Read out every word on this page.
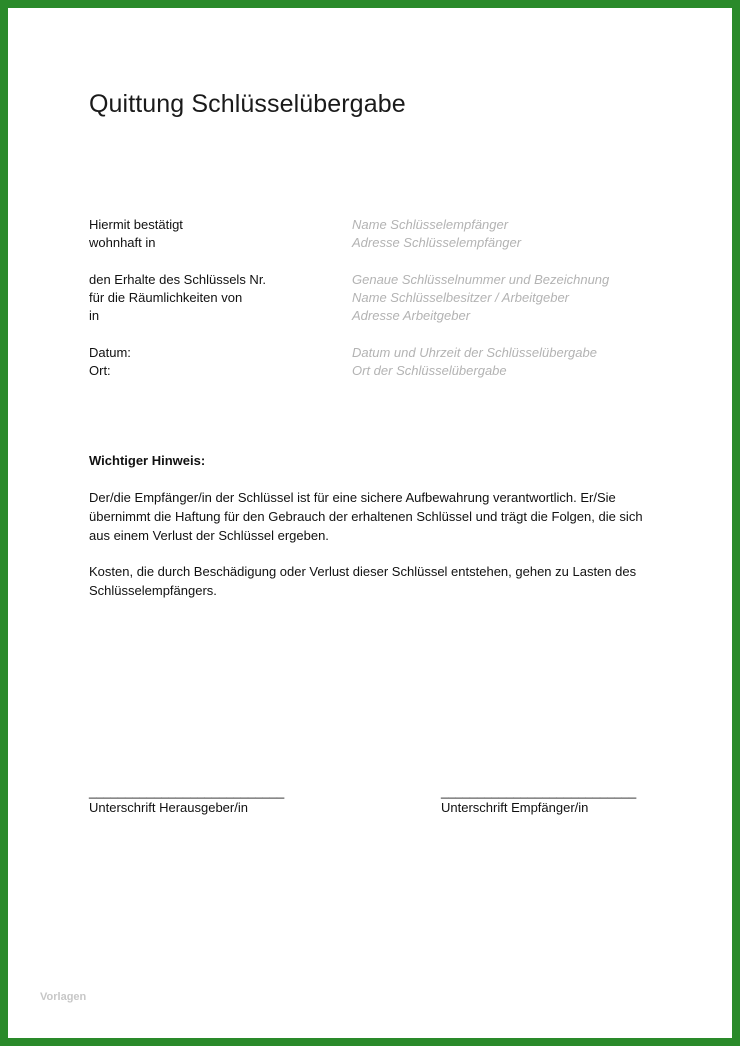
Quittung Schlüsselübergabe
Hiermit bestätigt	Name Schlüsselempfänger
wohnhaft in	Adresse Schlüsselempfänger
den Erhalte des Schlüssels Nr.	Genaue Schlüsselnummer und Bezeichnung
für die Räumlichkeiten von	Name Schlüsselbesitzer / Arbeitgeber
in	Adresse Arbeitgeber
Datum:	Datum und Uhrzeit der Schlüsselübergabe
Ort:	Ort der Schlüsselübergabe
Wichtiger Hinweis:
Der/die Empfänger/in der Schlüssel ist für eine sichere Aufbewahrung verantwortlich. Er/Sie übernimmt die Haftung für den Gebrauch der erhaltenen Schlüssel und trägt die Folgen, die sich aus einem Verlust der Schlüssel ergeben.
Kosten, die durch Beschädigung oder Verlust dieser Schlüssel entstehen, gehen zu Lasten des Schlüsselempfängers.
___________________________
Unterschrift Herausgeber/in
___________________________
Unterschrift Empfänger/in
Vorlagen
